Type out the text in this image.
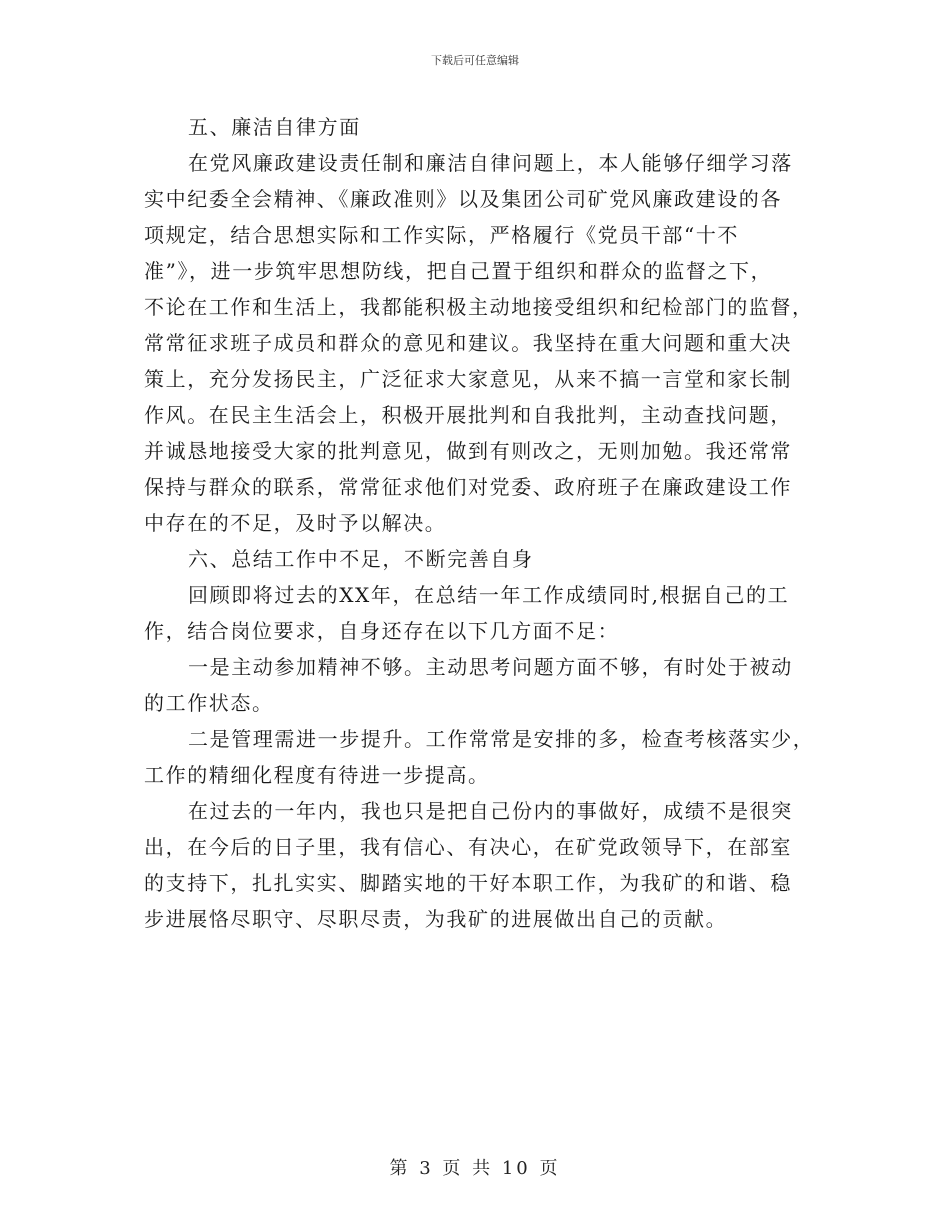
下载后可任意编辑
五、廉洁自律方面
在党风廉政建设责任制和廉洁自律问题上，本人能够仔细学习落
实中纪委全会精神、《廉政准则》以及集团公司矿党风廉政建设的各
项规定，结合思想实际和工作实际，严格履行《党员干部“十不
准”》，进一步筑牢思想防线，把自己置于组织和群众的监督之下，
不论在工作和生活上，我都能积极主动地接受组织和纪检部门的监督，
常常征求班子成员和群众的意见和建议。我坚持在重大问题和重大决
策上，充分发扬民主，广泛征求大家意见，从来不搞一言堂和家长制
作风。在民主生活会上，积极开展批判和自我批判，主动查找问题，
并诚恳地接受大家的批判意见，做到有则改之，无则加勉。我还常常
保持与群众的联系，常常征求他们对党委、政府班子在廉政建设工作
中存在的不足，及时予以解决。
六、总结工作中不足，不断完善自身
回顾即将过去的XX年，在总结一年工作成绩同时,根据自己的工
作，结合岗位要求，自身还存在以下几方面不足：
一是主动参加精神不够。主动思考问题方面不够，有时处于被动
的工作状态。
二是管理需进一步提升。工作常常是安排的多，检查考核落实少，
工作的精细化程度有待进一步提高。
在过去的一年内，我也只是把自己份内的事做好，成绩不是很突
出，在今后的日子里，我有信心、有决心，在矿党政领导下，在部室
的支持下，扎扎实实、脚踏实地的干好本职工作，为我矿的和谐、稳
步进展恪尽职守、尽职尽责，为我矿的进展做出自己的贡献。
第 3 页 共 10 页
